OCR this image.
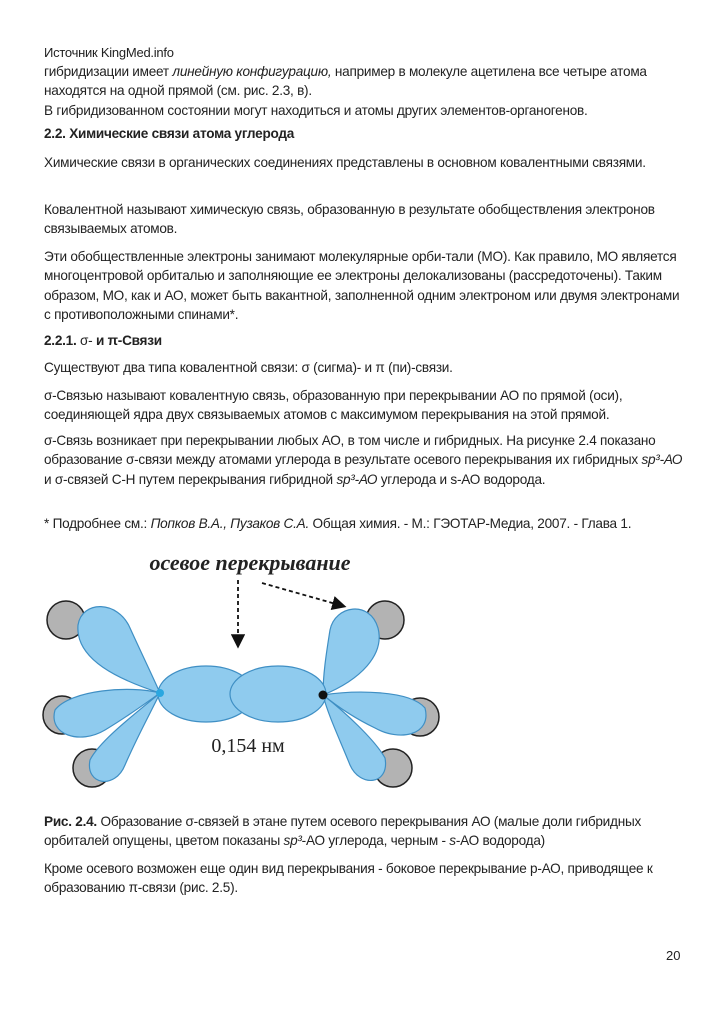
Источник KingMed.info
гибридизации имеет линейную конфигурацию, например в молекуле ацетилена все четыре атома находятся на одной прямой (см. рис. 2.3, в).
В гибридизованном состоянии могут находиться и атомы других элементов-органогенов.
2.2. Химические связи атома углерода
Химические связи в органических соединениях представлены в основном ковалентными связями.
Ковалентной называют химическую связь, образованную в результате обобществления электронов связываемых атомов.
Эти обобществленные электроны занимают молекулярные орби-тали (МО). Как правило, МО является многоцентровой орбиталью и заполняющие ее электроны делокализованы (рассредоточены). Таким образом, МО, как и АО, может быть вакантной, заполненной одним электроном или двумя электронами с противоположными спинами*.
2.2.1. σ- и π-Связи
Существуют два типа ковалентной связи: σ (сигма)- и π (пи)-связи.
σ-Связью называют ковалентную связь, образованную при перекрывании АО по прямой (оси), соединяющей ядра двух связываемых атомов с максимумом перекрывания на этой прямой.
σ-Связь возникает при перекрывании любых АО, в том числе и гибридных. На рисунке 2.4 показано образование σ-связи между атомами углерода в результате осевого перекрывания их гибридных sp³-АО и σ-связей С-Н путем перекрывания гибридной sp³-АО углерода и s-АО водорода.
* Подробнее см.: Попков В.А., Пузаков С.А. Общая химия. - М.: ГЭОТАР-Медиа, 2007. - Глава 1.
осевое перекрывание
0,154 нм
Рис. 2.4. Образование σ-связей в этане путем осевого перекрывания АО (малые доли гибридных орбиталей опущены, цветом показаны sp³-АО углерода, черным - s-АО водорода)
Кроме осевого возможен еще один вид перекрывания - боковое перекрывание р-АО, приводящее к образованию π-связи (рис. 2.5).
20
